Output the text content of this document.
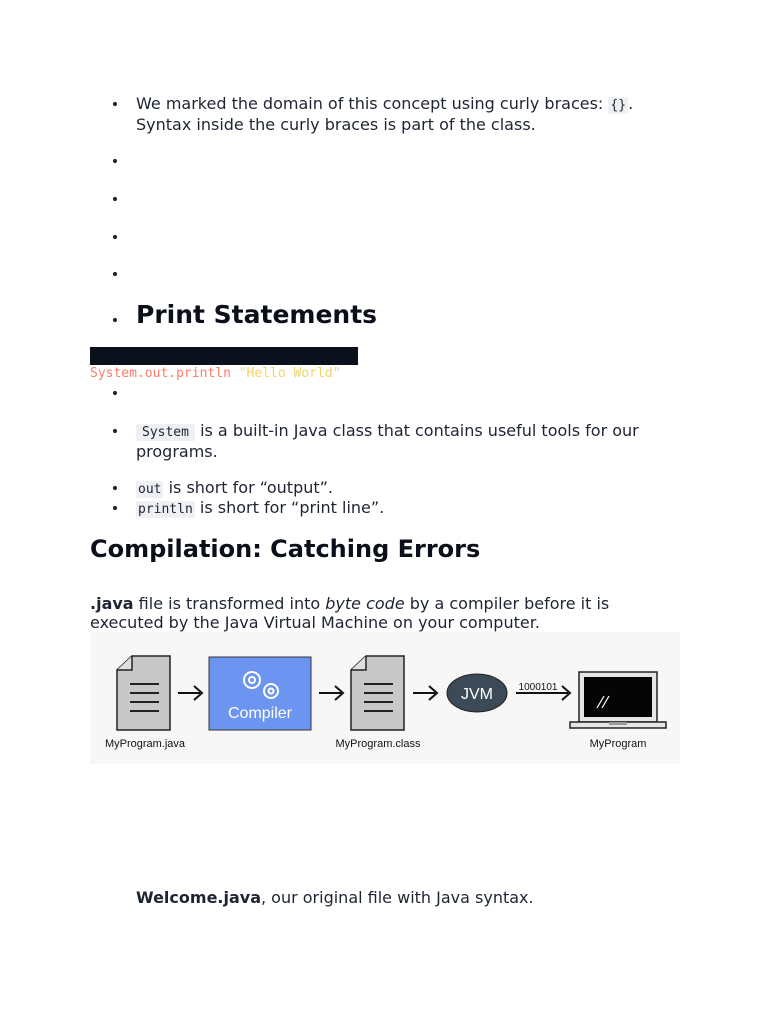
We marked the domain of this concept using curly braces: {} .
Syntax inside the curly braces is part of the class.
Print Statements

System.out.println("Hello World");

System is a built-in Java class that contains useful tools for our
programs.
out is short for “output”.
println is short for “print line”.
Compilation: Catching Errors
.java file is transformed into byte code by a compiler before it is
executed by the Java Virtual Machine on your computer.
MyProgram.java
Compiler
MyProgram.class
JVM	1000101
MyProgram
Welcome.java, our original file with Java syntax.
